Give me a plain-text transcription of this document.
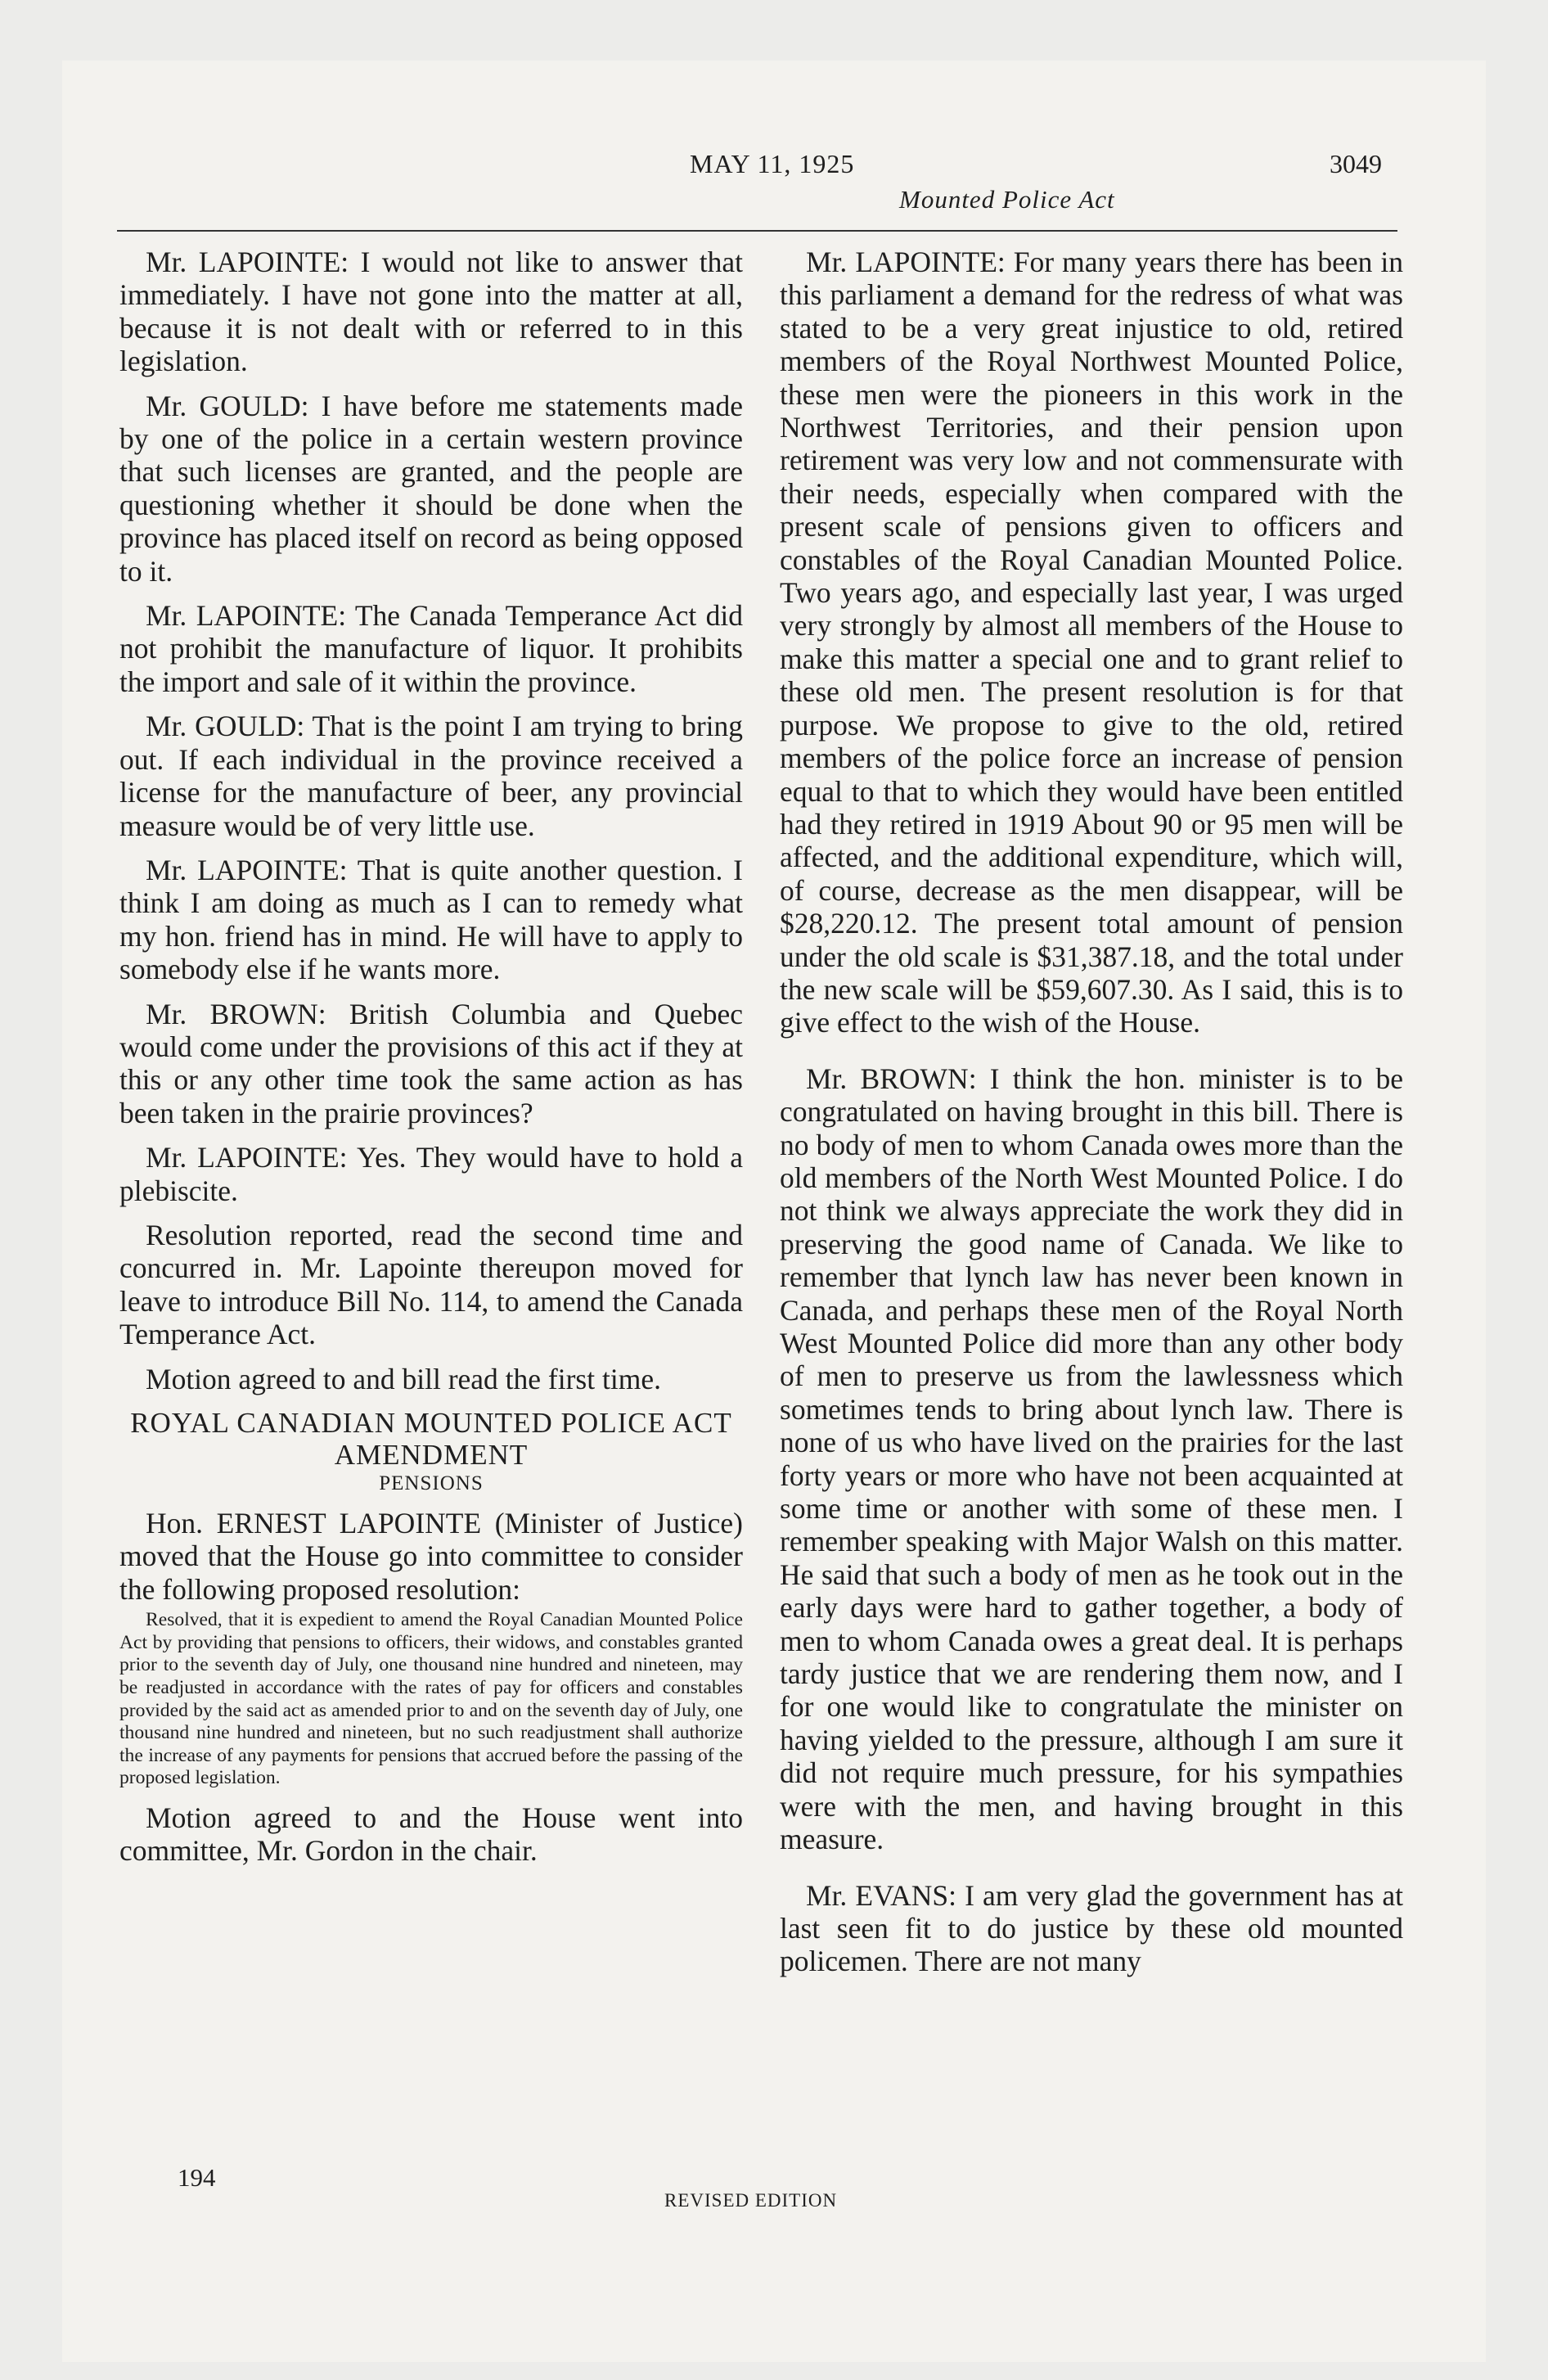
MAY 11, 1925	3049
Mounted Police Act

Mr. LAPOINTE: I would not like to answer that immediately. I have not gone into the matter at all, because it is not dealt with or referred to in this legislation.

Mr. GOULD: I have before me statements made by one of the police in a certain western province that such licenses are granted, and the people are questioning whether it should be done when the province has placed itself on record as being opposed to it.

Mr. LAPOINTE: The Canada Temperance Act did not prohibit the manufacture of liquor. It prohibits the import and sale of it within the province.

Mr. GOULD: That is the point I am trying to bring out. If each individual in the province received a license for the manufacture of beer, any provincial measure would be of very little use.

Mr. LAPOINTE: That is quite another question. I think I am doing as much as I can to remedy what my hon. friend has in mind. He will have to apply to somebody else if he wants more.

Mr. BROWN: British Columbia and Quebec would come under the provisions of this act if they at this or any other time took the same action as has been taken in the prairie provinces?

Mr. LAPOINTE: Yes. They would have to hold a plebiscite.

Resolution reported, read the second time and concurred in. Mr. Lapointe thereupon moved for leave to introduce Bill No. 114, to amend the Canada Temperance Act.

Motion agreed to and bill read the first time.

ROYAL CANADIAN MOUNTED POLICE ACT AMENDMENT
PENSIONS

Hon. ERNEST LAPOINTE (Minister of Justice) moved that the House go into committee to consider the following proposed resolution:

Resolved, that it is expedient to amend the Royal Canadian Mounted Police Act by providing that pensions to officers, their widows, and constables granted prior to the seventh day of July, one thousand nine hundred and nineteen, may be readjusted in accordance with the rates of pay for officers and constables provided by the said act as amended prior to and on the seventh day of July, one thousand nine hundred and nineteen, but no such readjustment shall authorize the increase of any payments for pensions that accrued before the passing of the proposed legislation.

Motion agreed to and the House went into committee, Mr. Gordon in the chair.

Mr. LAPOINTE: For many years there has been in this parliament a demand for the redress of what was stated to be a very great injustice to old, retired members of the Royal Northwest Mounted Police, these men were the pioneers in this work in the Northwest Territories, and their pension upon retirement was very low and not commensurate with their needs, especially when compared with the present scale of pensions given to officers and constables of the Royal Canadian Mounted Police. Two years ago, and especially last year, I was urged very strongly by almost all members of the House to make this matter a special one and to grant relief to these old men. The present resolution is for that purpose. We propose to give to the old, retired members of the police force an increase of pension equal to that to which they would have been entitled had they retired in 1919 About 90 or 95 men will be affected, and the additional expenditure, which will, of course, decrease as the men disappear, will be $28,220.12. The present total amount of pension under the old scale is $31,387.18, and the total under the new scale will be $59,607.30. As I said, this is to give effect to the wish of the House.

Mr. BROWN: I think the hon. minister is to be congratulated on having brought in this bill. There is no body of men to whom Canada owes more than the old members of the North West Mounted Police. I do not think we always appreciate the work they did in preserving the good name of Canada. We like to remember that lynch law has never been known in Canada, and perhaps these men of the Royal North West Mounted Police did more than any other body of men to preserve us from the lawlessness which sometimes tends to bring about lynch law. There is none of us who have lived on the prairies for the last forty years or more who have not been acquainted at some time or another with some of these men. I remember speaking with Major Walsh on this matter. He said that such a body of men as he took out in the early days were hard to gather together, a body of men to whom Canada owes a great deal. It is perhaps tardy justice that we are rendering them now, and I for one would like to congratulate the minister on having yielded to the pressure, although I am sure it did not require much pressure, for his sympathies were with the men, and having brought in this measure.

Mr. EVANS: I am very glad the government has at last seen fit to do justice by these old mounted policemen. There are not many

194
REVISED EDITION
